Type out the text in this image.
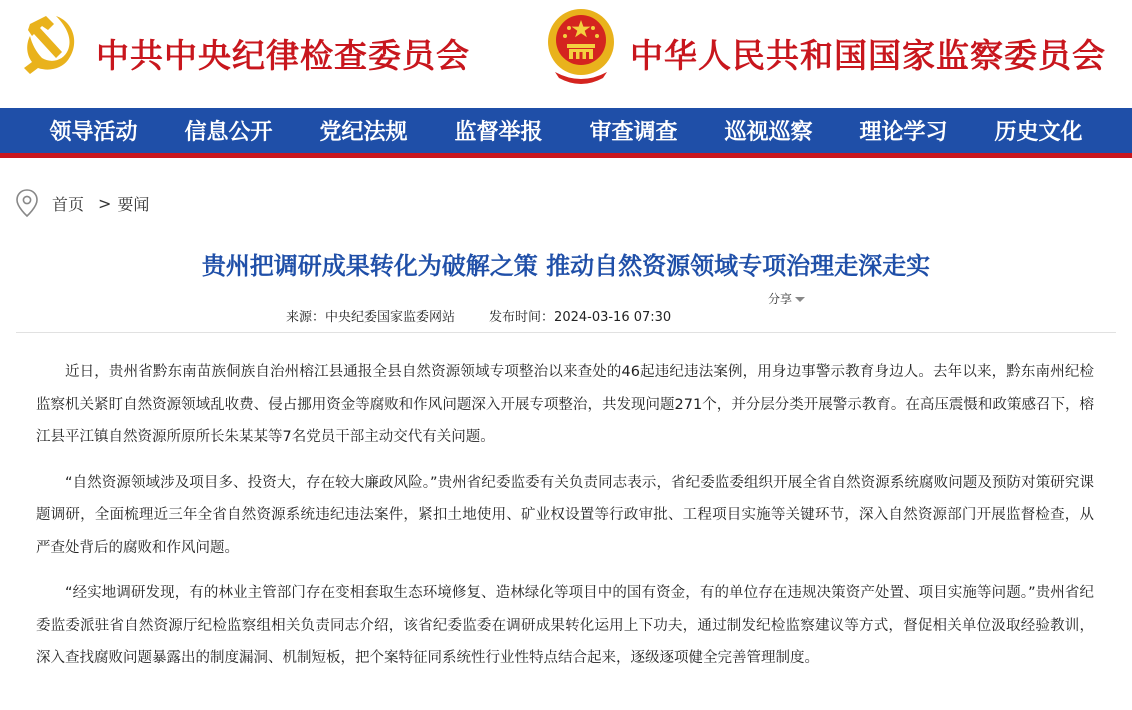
中共中央纪律检查委员会	中华人民共和国国家监察委员会
领导活动	信息公开	党纪法规	监督举报	审查调查	巡视巡察	理论学习	历史文化
首页 > 要闻
贵州把调研成果转化为破解之策 推动自然资源领域专项治理走深走实
分享
来源：中央纪委国家监委网站	发布时间：2024-03-16 07:30

近日，贵州省黔东南苗族侗族自治州榕江县通报全县自然资源领域专项整治以来查处的46起违纪违法案例，用身边事警示教育身边人。去年以来，黔东南州纪检监察机关紧盯自然资源领域乱收费、侵占挪用资金等腐败和作风问题深入开展专项整治，共发现问题271个，并分层分类开展警示教育。在高压震慑和政策感召下，榕江县平江镇自然资源所原所长朱某某等7名党员干部主动交代有关问题。

“自然资源领域涉及项目多、投资大，存在较大廉政风险。”贵州省纪委监委有关负责同志表示，省纪委监委组织开展全省自然资源系统腐败问题及预防对策研究课题调研，全面梳理近三年全省自然资源系统违纪违法案件，紧扣土地使用、矿业权设置等行政审批、工程项目实施等关键环节，深入自然资源部门开展监督检查，从严查处背后的腐败和作风问题。

“经实地调研发现，有的林业主管部门存在变相套取生态环境修复、造林绿化等项目中的国有资金，有的单位存在违规决策资产处置、项目实施等问题。”贵州省纪委监委派驻省自然资源厅纪检监察组相关负责同志介绍，该省纪委监委在调研成果转化运用上下功夫，通过制发纪检监察建议等方式，督促相关单位汲取经验教训，深入查找腐败问题暴露出的制度漏洞、机制短板，把个案特征同系统性行业性特点结合起来，逐级逐项健全完善管理制度。
